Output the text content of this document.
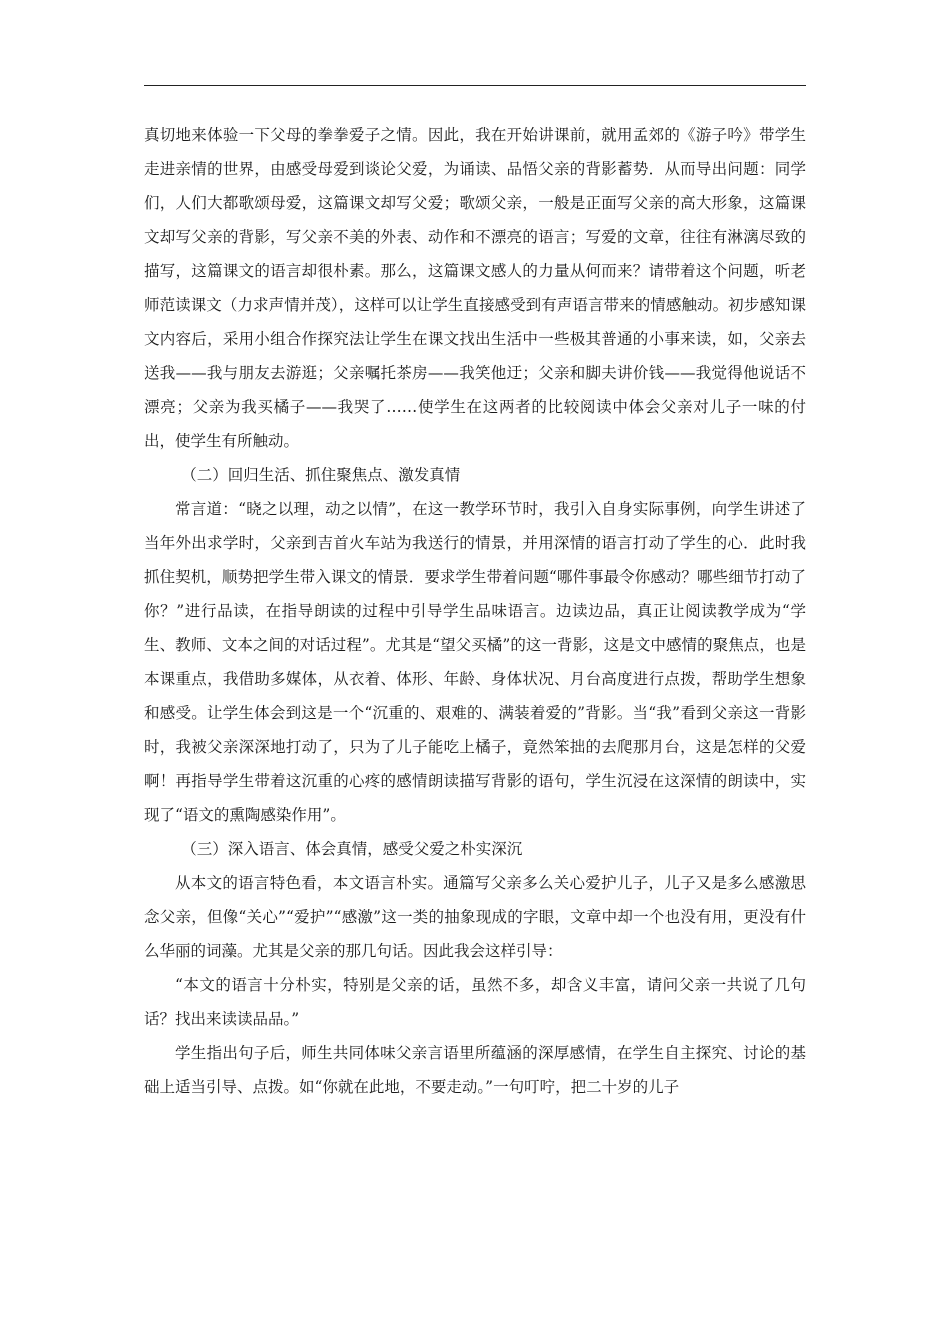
真切地来体验一下父母的拳拳爱子之情。因此，我在开始讲课前，就用孟郊的《游子吟》带学生走进亲情的世界，由感受母爱到谈论父爱，为诵读、品悟父亲的背影蓄势．从而导出问题：同学们，人们大都歌颂母爱，这篇课文却写父爱；歌颂父亲，一般是正面写父亲的高大形象，这篇课文却写父亲的背影，写父亲不美的外表、动作和不漂亮的语言；写爱的文章，往往有淋漓尽致的描写，这篇课文的语言却很朴素。那么，这篇课文感人的力量从何而来？请带着这个问题，听老师范读课文（力求声情并茂），这样可以让学生直接感受到有声语言带来的情感触动。初步感知课文内容后，采用小组合作探究法让学生在课文找出生活中一些极其普通的小事来读，如，父亲去送我——我与朋友去游逛；父亲嘱托茶房——我笑他迂；父亲和脚夫讲价钱——我觉得他说话不漂亮；父亲为我买橘子——我哭了……使学生在这两者的比较阅读中体会父亲对儿子一味的付出，使学生有所触动。

（二）回归生活、抓住聚焦点、激发真情

常言道：“晓之以理，动之以情”，在这一教学环节时，我引入自身实际事例，向学生讲述了当年外出求学时，父亲到吉首火车站为我送行的情景，并用深情的语言打动了学生的心．此时我抓住契机，顺势把学生带入课文的情景．要求学生带着问题“哪件事最令你感动？哪些细节打动了你？”进行品读，在指导朗读的过程中引导学生品味语言。边读边品，真正让阅读教学成为“学生、教师、文本之间的对话过程”。尤其是“望父买橘”的这一背影，这是文中感情的聚焦点，也是本课重点，我借助多媒体，从衣着、体形、年龄、身体状况、月台高度进行点拨，帮助学生想象和感受。让学生体会到这是一个“沉重的、艰难的、满装着爱的”背影。当“我”看到父亲这一背影时，我被父亲深深地打动了，只为了儿子能吃上橘子，竟然笨拙的去爬那月台，这是怎样的父爱啊！再指导学生带着这沉重的心疼的感情朗读描写背影的语句，学生沉浸在这深情的朗读中，实现了“语文的熏陶感染作用”。

（三）深入语言、体会真情，感受父爱之朴实深沉

从本文的语言特色看，本文语言朴实。通篇写父亲多么关心爱护儿子，儿子又是多么感激思念父亲，但像“关心”“爱护”“感激”这一类的抽象现成的字眼，文章中却一个也没有用，更没有什么华丽的词藻。尤其是父亲的那几句话。因此我会这样引导：

“本文的语言十分朴实，特别是父亲的话，虽然不多，却含义丰富，请问父亲一共说了几句话？找出来读读品品。”

学生指出句子后，师生共同体味父亲言语里所蕴涵的深厚感情，在学生自主探究、讨论的基础上适当引导、点拨。如“你就在此地，不要走动。”一句叮咛，把二十岁的儿子
